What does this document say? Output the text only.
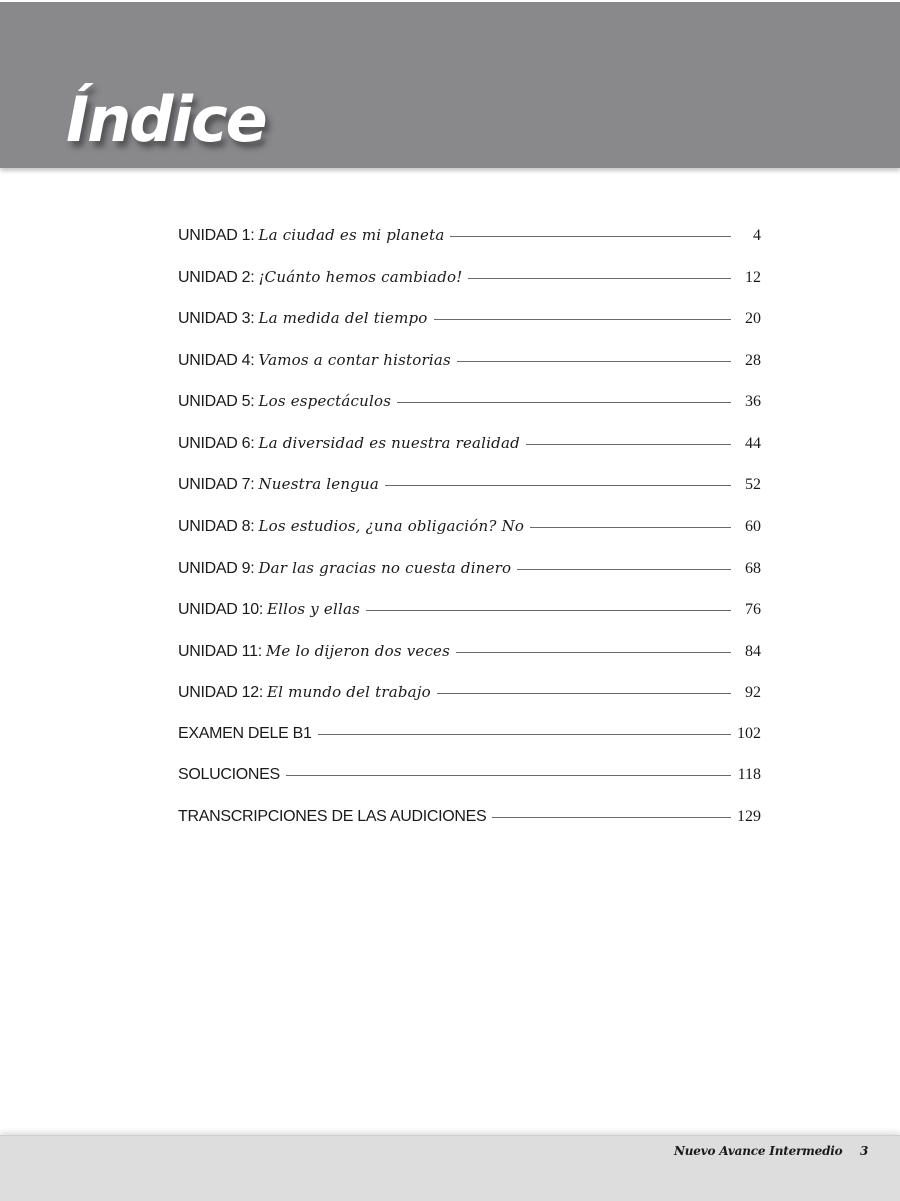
Índice
UNIDAD 1: La ciudad es mi planeta	4
UNIDAD 2: ¡Cuánto hemos cambiado!	12
UNIDAD 3: La medida del tiempo	20
UNIDAD 4: Vamos a contar historias	28
UNIDAD 5: Los espectáculos	36
UNIDAD 6: La diversidad es nuestra realidad	44
UNIDAD 7: Nuestra lengua	52
UNIDAD 8: Los estudios, ¿una obligación? No	60
UNIDAD 9: Dar las gracias no cuesta dinero	68
UNIDAD 10: Ellos y ellas	76
UNIDAD 11: Me lo dijeron dos veces	84
UNIDAD 12: El mundo del trabajo	92
EXAMEN DELE B1	102
SOLUCIONES	118
TRANSCRIPCIONES DE LAS AUDICIONES	129
Nuevo Avance Intermedio 3
